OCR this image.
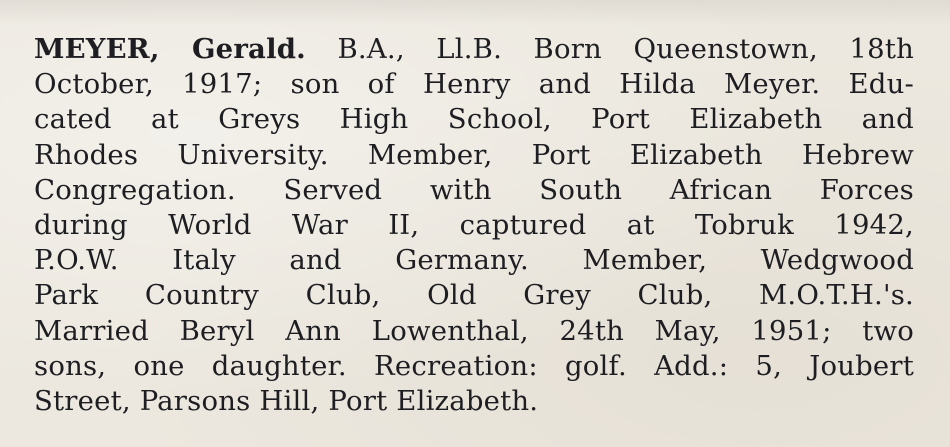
MEYER, Gerald. B.A., Ll.B. Born Queenstown, 18th
October, 1917; son of Henry and Hilda Meyer. Edu-
cated at Greys High School, Port Elizabeth and
Rhodes University. Member, Port Elizabeth Hebrew
Congregation. Served with South African Forces
during World War II, captured at Tobruk 1942,
P.O.W. Italy and Germany. Member, Wedgwood
Park Country Club, Old Grey Club, M.O.T.H.'s.
Married Beryl Ann Lowenthal, 24th May, 1951; two
sons, one daughter. Recreation: golf. Add.: 5, Joubert
Street, Parsons Hill, Port Elizabeth.
